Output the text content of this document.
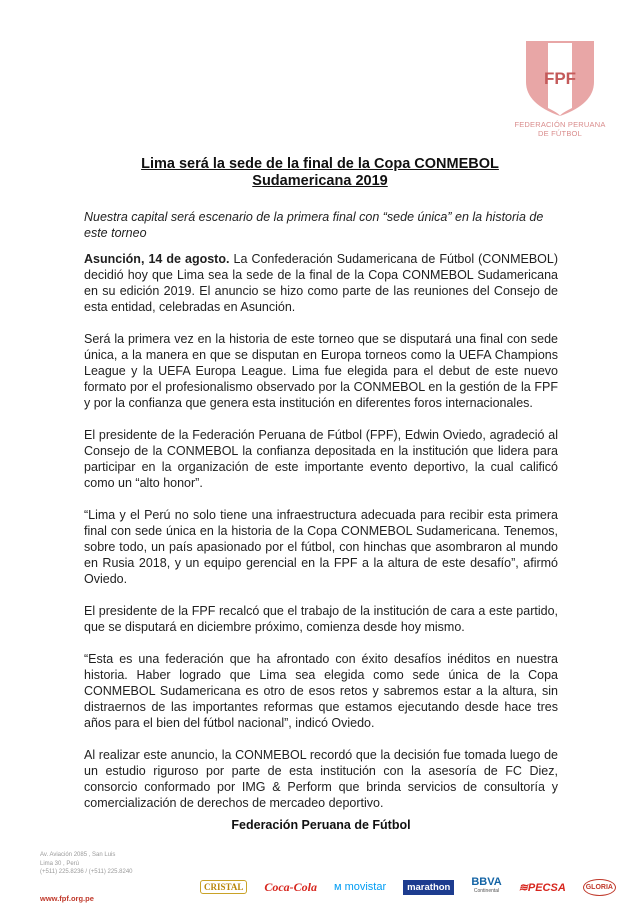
FPF
FEDERACIÓN PERUANA
DE FÚTBOL
Lima será la sede de la final de la Copa CONMEBOL
Sudamericana 2019
Nuestra capital será escenario de la primera final con “sede única” en la historia de este torneo

Asunción, 14 de agosto. La Confederación Sudamericana de Fútbol (CONMEBOL) decidió hoy que Lima sea la sede de la final de la Copa CONMEBOL Sudamericana en su edición 2019. El anuncio se hizo como parte de las reuniones del Consejo de esta entidad, celebradas en Asunción.

Será la primera vez en la historia de este torneo que se disputará una final con sede única, a la manera en que se disputan en Europa torneos como la UEFA Champions League y la UEFA Europa League. Lima fue elegida para el debut de este nuevo formato por el profesionalismo observado por la CONMEBOL en la gestión de la FPF y por la confianza que genera esta institución en diferentes foros internacionales.

El presidente de la Federación Peruana de Fútbol (FPF), Edwin Oviedo, agradeció al Consejo de la CONMEBOL la confianza depositada en la institución que lidera para participar en la organización de este importante evento deportivo, la cual calificó como un “alto honor”.

“Lima y el Perú no solo tiene una infraestructura adecuada para recibir esta primera final con sede única en la historia de la Copa CONMEBOL Sudamericana. Tenemos, sobre todo, un país apasionado por el fútbol, con hinchas que asombraron al mundo en Rusia 2018, y un equipo gerencial en la FPF a la altura de este desafío”, afirmó Oviedo.

El presidente de la FPF recalcó que el trabajo de la institución de cara a este partido, que se disputará en diciembre próximo, comienza desde hoy mismo.

“Esta es una federación que ha afrontado con éxito desafíos inéditos en nuestra historia. Haber logrado que Lima sea elegida como sede única de la Copa CONMEBOL Sudamericana es otro de esos retos y sabremos estar a la altura, sin distraernos de las importantes reformas que estamos ejecutando desde hace tres años para el bien del fútbol nacional”, indicó Oviedo.

Al realizar este anuncio, la CONMEBOL recordó que la decisión fue tomada luego de un estudio riguroso por parte de esta institución con la asesoría de FC Diez, consorcio conformado por IMG & Perform que brinda servicios de consultoría y comercialización de derechos de mercadeo deportivo.

Federación Peruana de Fútbol
Av. Aviación 2085 , San Luis
Lima 30 , Perú
(+511) 225.8236 / (+511) 225.8240
www.fpf.org.pe
CRISTAL	Coca-Cola ᴍ movistar	marathon	BBVA
Continental ≋PECSA	GLORIA
